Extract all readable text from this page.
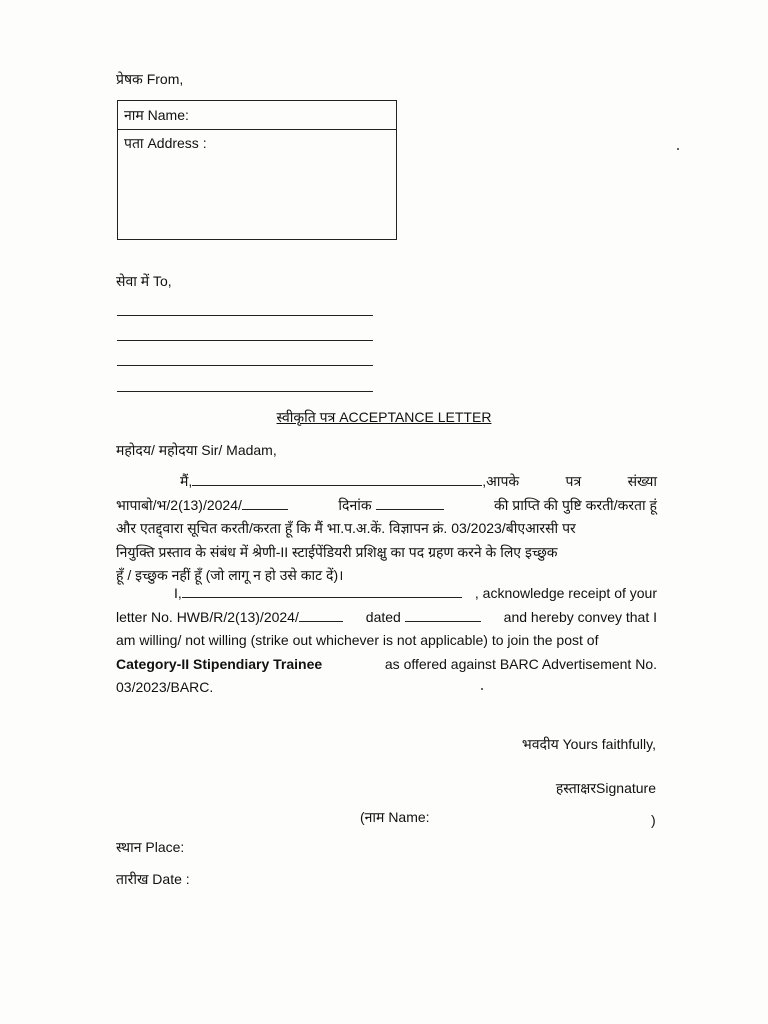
प्रेषक From,
नाम Name:
पता Address :
सेवा में To,
स्वीकृति पत्र ACCEPTANCE LETTER
महोदय/ महोदया Sir/ Madam,
मैं,	,आपके	पत्र	संख्या
भापाबो/भ/2(13)/2024/	दिनांक	की प्राप्ति की पुष्टि करती/करता हूं
और एतद्द्वारा सूचित करती/करता हूँ कि मैं भा.प.अ.कें. विज्ञापन क्रं. 03/2023/बीएआरसी पर
नियुक्ति प्रस्ताव के संबंध में श्रेणी-II स्टाईपेंडियरी प्रशिक्षु का पद ग्रहण करने के लिए इच्छुक
हूँ / इच्छुक नहीं हूँ (जो लागू न हो उसे काट दें)।
I,	, acknowledge receipt of your
letter No. HWB/R/2(13)/2024/	dated	and hereby convey that I
am willing/ not willing (strike out whichever is not applicable) to join the post of
Category-II Stipendiary Trainee	as offered against BARC Advertisement No.
03/2023/BARC.
भवदीय Yours faithfully,
हस्ताक्षरSignature
(नाम Name:	)
स्थान Place:
तारीख Date :
